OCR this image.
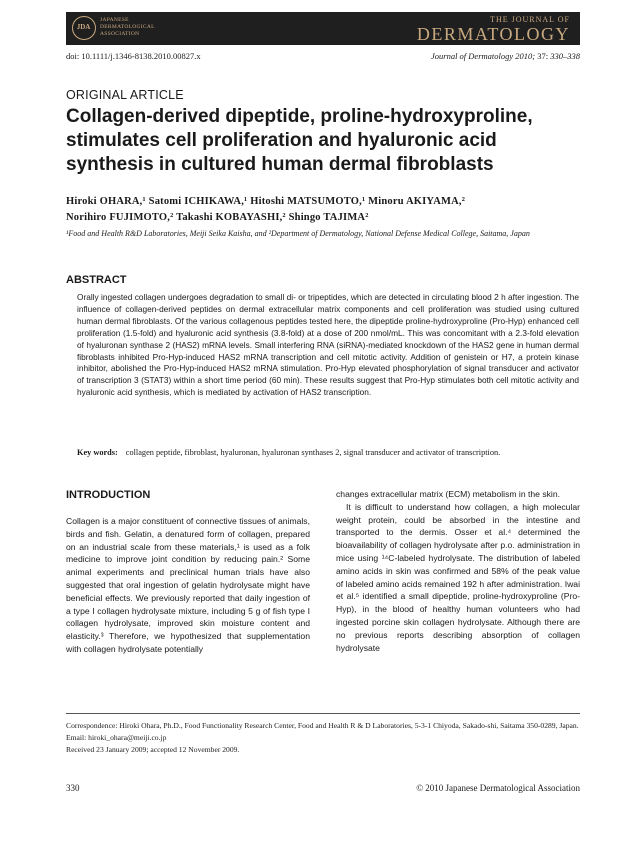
JDA
JAPANESE
DERMATOLOGICAL
ASSOCIATION
THE JOURNAL OF
DERMATOLOGY
doi: 10.1111/j.1346-8138.2010.00827.x	Journal of Dermatology 2010; 37: 330–338
ORIGINAL ARTICLE
Collagen-derived dipeptide, proline-hydroxyproline, stimulates cell proliferation and hyaluronic acid synthesis in cultured human dermal fibroblasts
Hiroki OHARA,¹ Satomi ICHIKAWA,¹ Hitoshi MATSUMOTO,¹ Minoru AKIYAMA,²
Norihiro FUJIMOTO,² Takashi KOBAYASHI,² Shingo TAJIMA²
¹Food and Health R&D Laboratories, Meiji Seika Kaisha, and ²Department of Dermatology, National Defense Medical College, Saitama, Japan
ABSTRACT
Orally ingested collagen undergoes degradation to small di- or tripeptides, which are detected in circulating blood 2 h after ingestion. The influence of collagen-derived peptides on dermal extracellular matrix components and cell proliferation was studied using cultured human dermal fibroblasts. Of the various collagenous peptides tested here, the dipeptide proline-hydroxyproline (Pro-Hyp) enhanced cell proliferation (1.5-fold) and hyaluronic acid synthesis (3.8-fold) at a dose of 200 nmol/mL. This was concomitant with a 2.3-fold elevation of hyaluronan synthase 2 (HAS2) mRNA levels. Small interfering RNA (siRNA)-mediated knockdown of the HAS2 gene in human dermal fibroblasts inhibited Pro-Hyp-induced HAS2 mRNA transcription and cell mitotic activity. Addition of genistein or H7, a protein kinase inhibitor, abolished the Pro-Hyp-induced HAS2 mRNA stimulation. Pro-Hyp elevated phosphorylation of signal transducer and activator of transcription 3 (STAT3) within a short time period (60 min). These results suggest that Pro-Hyp stimulates both cell mitotic activity and hyaluronic acid synthesis, which is mediated by activation of HAS2 transcription.
Key words: collagen peptide, fibroblast, hyaluronan, hyaluronan synthases 2, signal transducer and activator of transcription.
INTRODUCTION

Collagen is a major constituent of connective tissues of animals, birds and fish. Gelatin, a denatured form of collagen, prepared on an industrial scale from these materials,¹ is used as a folk medicine to improve joint condition by reducing pain.² Some animal experiments and preclinical human trials have also suggested that oral ingestion of gelatin hydrolysate might have beneficial effects. We previously reported that daily ingestion of a type I collagen hydrolysate mixture, including 5 g of fish type I collagen hydrolysate, improved skin moisture content and elasticity.³ Therefore, we hypothesized that supplementation with collagen hydrolysate potentially

changes extracellular matrix (ECM) metabolism in the skin.

It is difficult to understand how collagen, a high molecular weight protein, could be absorbed in the intestine and transported to the dermis. Osser et al.⁴ determined the bioavailability of collagen hydrolysate after p.o. administration in mice using ¹⁴C-labeled hydrolysate. The distribution of labeled amino acids in skin was confirmed and 58% of the peak value of labeled amino acids remained 192 h after administration. Iwai et al.⁵ identified a small dipeptide, proline-hydroxyproline (Pro-Hyp), in the blood of healthy human volunteers who had ingested porcine skin collagen hydrolysate. Although there are no previous reports describing absorption of collagen hydrolysate

Correspondence: Hiroki Ohara, Ph.D., Food Functionality Research Center, Food and Health R & D Laboratories, 5-3-1 Chiyoda, Sakado-shi, Saitama 350-0289, Japan. Email: hiroki_ohara@meiji.co.jp
Received 23 January 2009; accepted 12 November 2009.
330	© 2010 Japanese Dermatological Association
